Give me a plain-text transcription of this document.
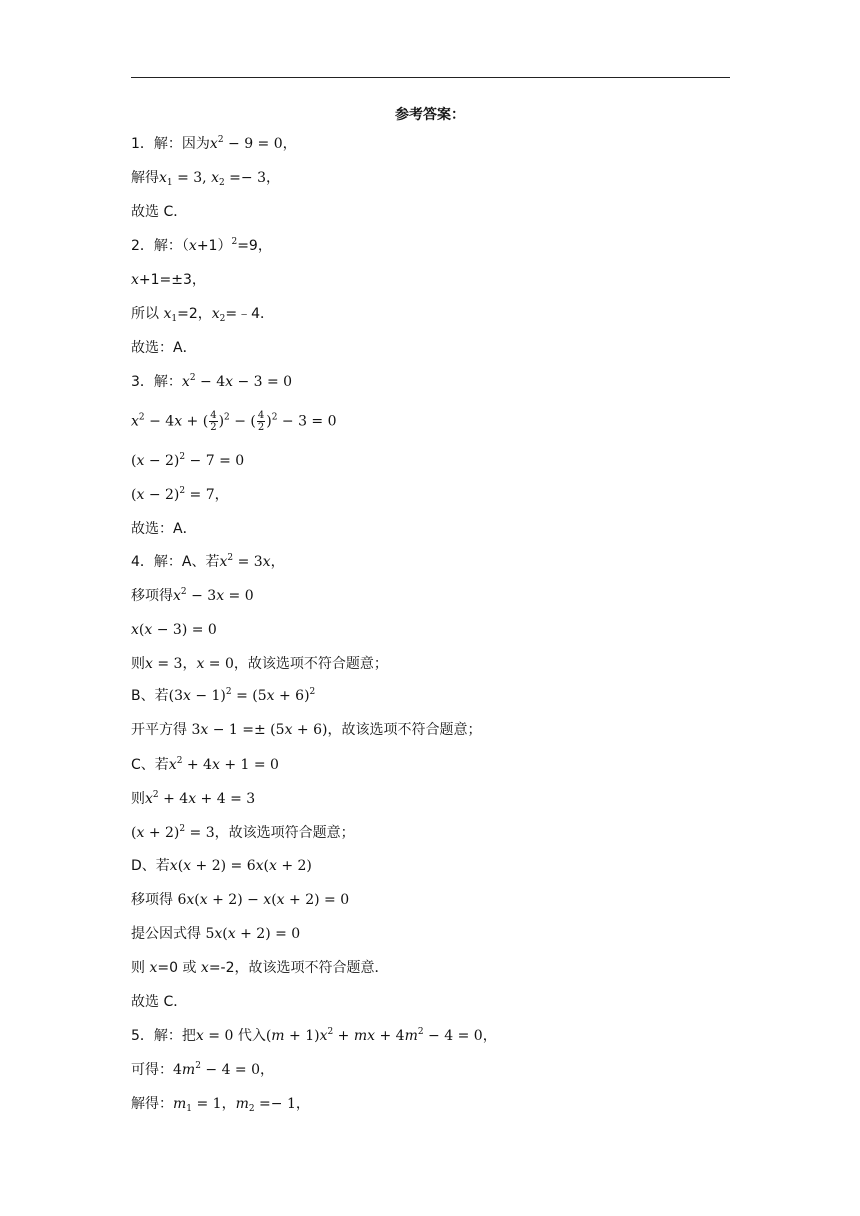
参考答案：
1．解：因为$x^2 - 9 = 0$，
解得$x_1 = 3$, $x_2 =- 3$，
故选 C．
2．解：$(x+1)^2=9$，
x+1=±3，
所以 $x_1=2$，$x_2=﹣4$．
故选：A．
3．解：$x^2 - 4x - 3 = 0$
$x^2 - 4x$ + ( $\frac{4}{2} )^2$ − ( $\frac{4}{2} )^2 - 3 = 0$
$(x - 2)^2 - 7 = 0$
$(x - 2)^2 = 7$，
故选：A．
4．解：A、若$x^2 = 3x$，
移项得$x^2 - 3x = 0$
x(x − 3) = 0
则x = 3，x = 0，故该选项不符合题意；
B、若$(3x - 1)^2 = (5x + 6)^2$
开平方得 3x − 1 =± (5x + 6)，故该选项不符合题意；
C、若$x^2 + 4x + 1 = 0$
则$x^2 + 4x + 4 = 3$
$(x + 2)^2 = 3$，故该选项符合题意；
D、若x(x + 2) = 6x(x + 2)
移项得 6x(x + 2) − x(x + 2) = 0
提公因式得 5x(x + 2) = 0
则 x=0 或 x=-2，故该选项不符合题意．
故选 C．
5．解：把x = 0 代入$(m + 1)x^2$ + mx + $4m^2 - 4 = 0$，
可得：$4m^2 - 4 = 0$，
解得：$m_1 = 1$，$m_2 =- 1$，
